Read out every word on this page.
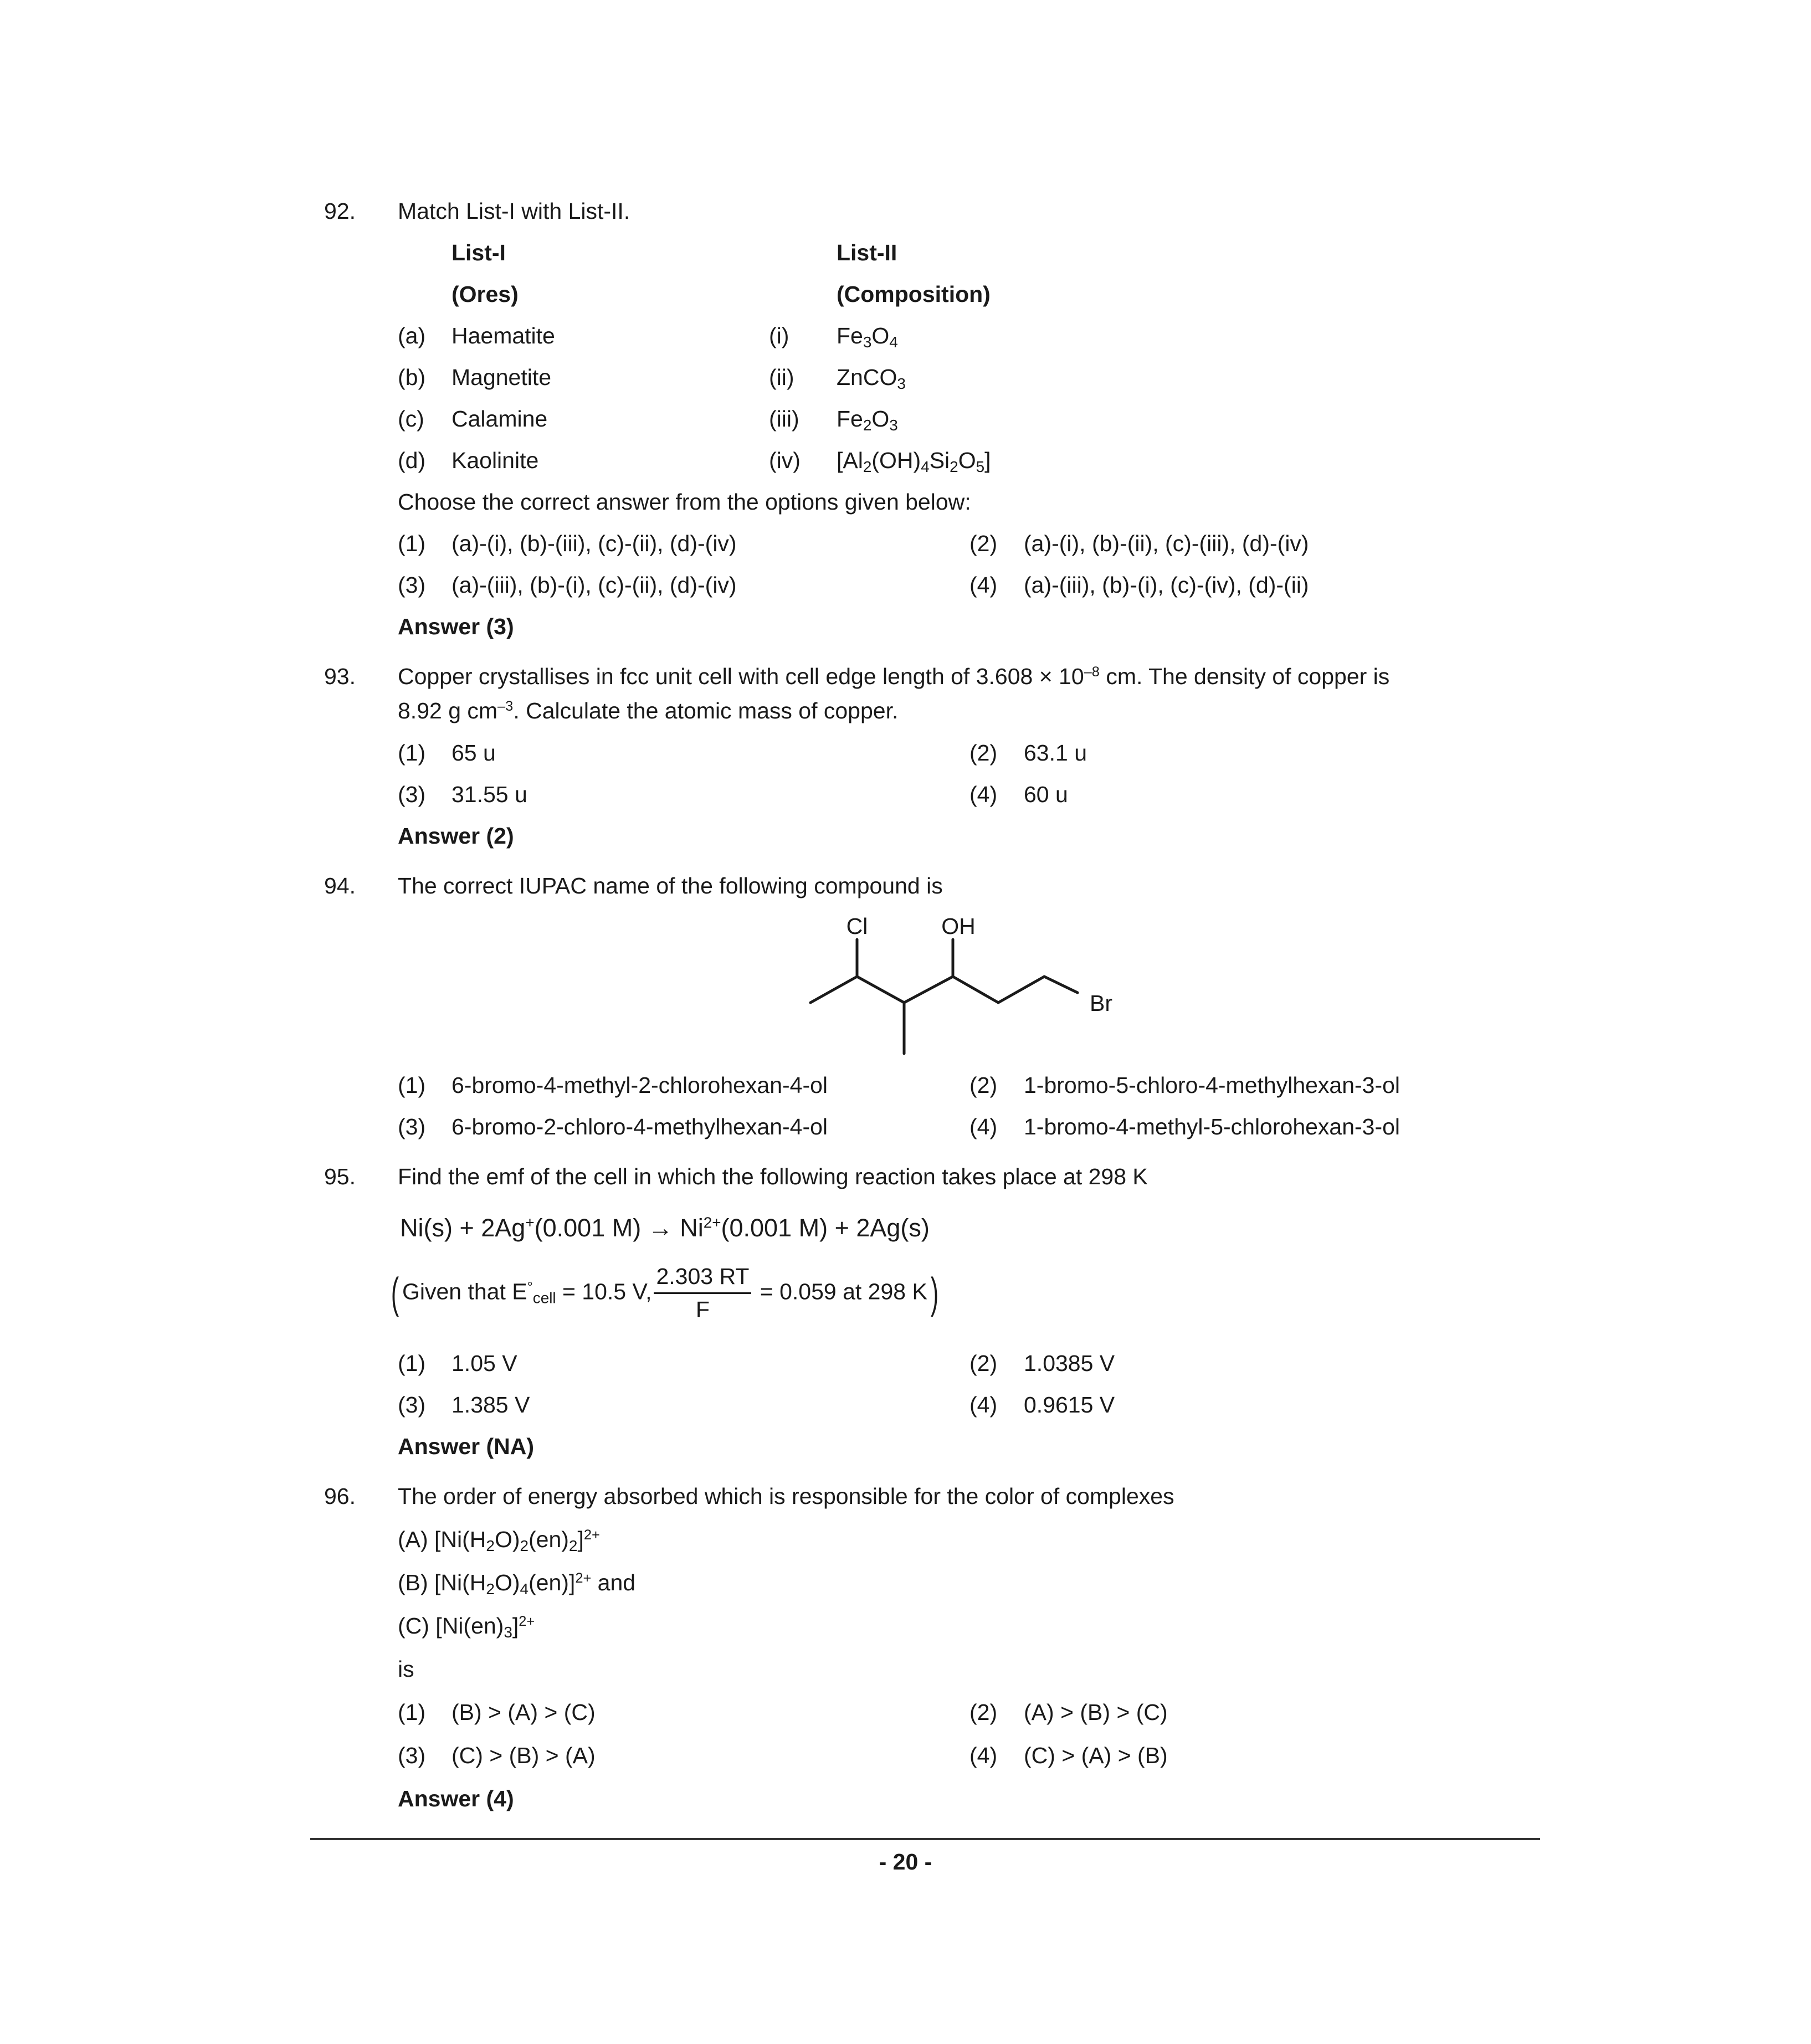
92. Match List-I with List-II.
List-I	List-II
(Ores)	(Composition)
(a) Haematite	(i) $Fe_3O_4$
(b) Magnetite	(ii) ZnCO$_3$
(c) Calamine	(iii) $Fe_2O_3$
(d) Kaolinite	(iv) $[Al_2(OH)_4Si_2O_5]$
Choose the correct answer from the options given below:
(1) (a)-(i), (b)-(iii), (c)-(ii), (d)-(iv)	(2) (a)-(i), (b)-(ii), (c)-(iii), (d)-(iv)
(3) (a)-(iii), (b)-(i), (c)-(ii), (d)-(iv)	(4) (a)-(iii), (b)-(i), (c)-(iv), (d)-(ii)
Answer (3)
93. Copper crystallises in fcc unit cell with cell edge length of $3.608 \times 10^{-8}$ cm. The density of copper is
8.92 g $cm^{-3}$. Calculate the atomic mass of copper.
(1) 65 u	(2) 63.1 u
(3) 31.55 u	(4) 60 u
Answer (2)
94. The correct IUPAC name of the following compound is
Cl	OH
Br
(1) 6-bromo-4-methyl-2-chlorohexan-4-ol	(2) 1-bromo-5-chloro-4-methylhexan-3-ol
(3) 6-bromo-2-chloro-4-methylhexan-4-ol	(4) 1-bromo-4-methyl-5-chlorohexan-3-ol
95. Find the emf of the cell in which the following reaction takes place at 298 K
Ni(s) + 2Ag+(0.001 $M) \to Ni^{2+}(0.001$ M) + 2Ag(s)
( Given that $E^\circ_{cell} = 10.5$ V, $\frac{2.303 RT}{F} = 0.059$ at 298 K)
(1) 1.05 V	(2) 1.0385 V
(3) 1.385 V	(4) 0.9615 V
Answer (NA)
96. The order of energy absorbed which is responsible for the color of complexes
(A) $[Ni(H_2O)_2(en)_2]^{2+}$
(B) $[Ni(H_2O)_4(en)]^{2+}$ and
(C) $[Ni(en)_3]^{2+}$
is
(1) (B) > (A) > (C)	(2) (A) > (B) > (C)
(3) (C) > (B) > (A)	(4) (C) > (A) > (B)
Answer (4)
- 20 -
